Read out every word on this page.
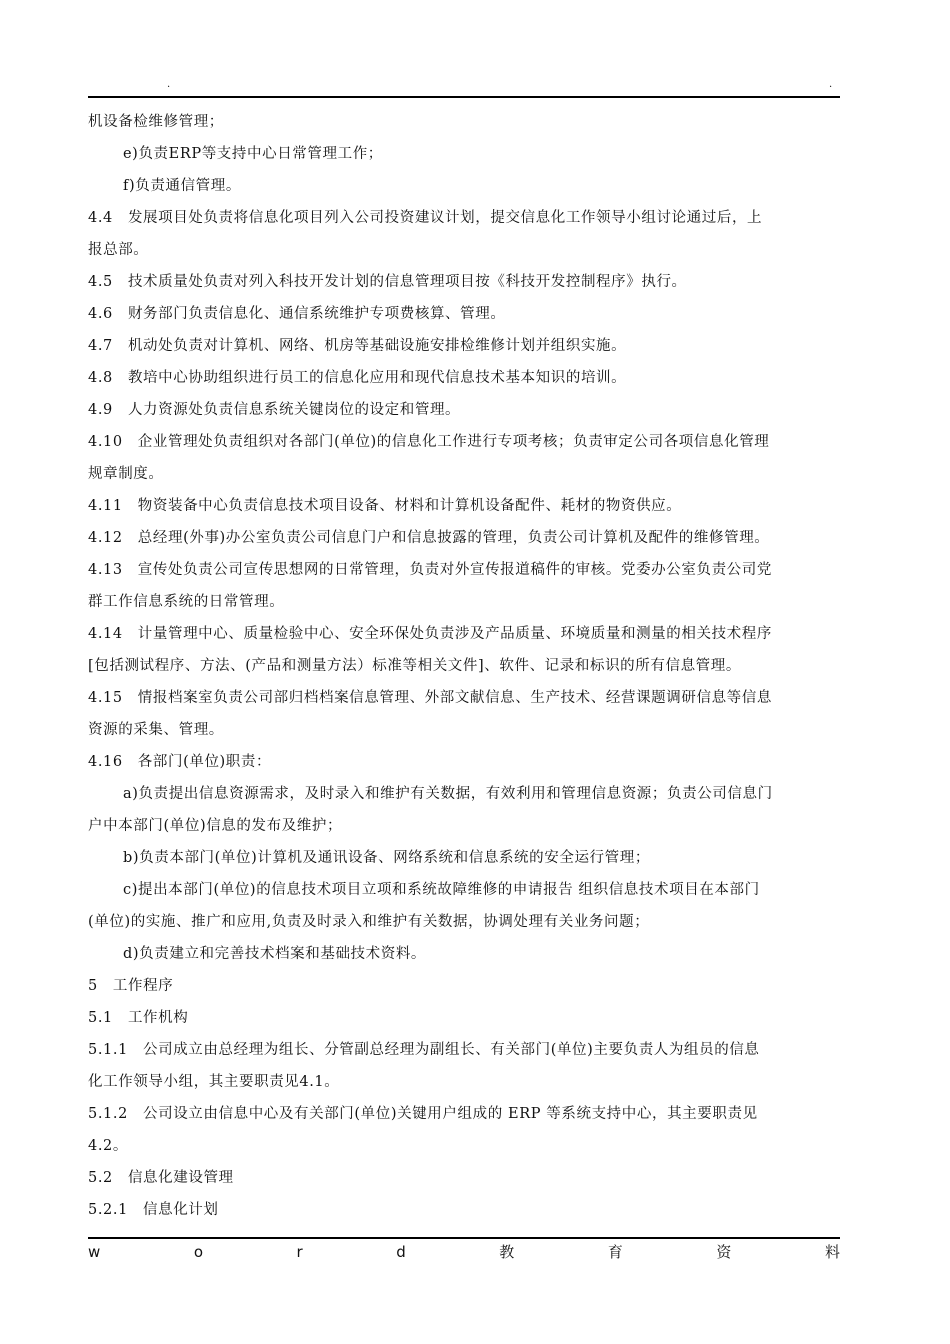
.	.
机设备检维修管理；
e)负责ERP等支持中心日常管理工作；
f)负责通信管理。
4.4　发展项目处负责将信息化项目列入公司投资建议计划，提交信息化工作领导小组讨论通过后，上
报总部。
4.5　技术质量处负责对列入科技开发计划的信息管理项目按《科技开发控制程序》执行。
4.6　财务部门负责信息化、通信系统维护专项费核算、管理。
4.7　机动处负责对计算机、网络、机房等基础设施安排检维修计划并组织实施。
4.8　教培中心协助组织进行员工的信息化应用和现代信息技术基本知识的培训。
4.9　人力资源处负责信息系统关键岗位的设定和管理。
4.10　企业管理处负责组织对各部门(单位)的信息化工作进行专项考核；负责审定公司各项信息化管理
规章制度。
4.11　物资装备中心负责信息技术项目设备、材料和计算机设备配件、耗材的物资供应。
4.12　总经理(外事)办公室负责公司信息门户和信息披露的管理，负责公司计算机及配件的维修管理。
4.13　宣传处负责公司宣传思想网的日常管理，负责对外宣传报道稿件的审核。党委办公室负责公司党
群工作信息系统的日常管理。
4.14　计量管理中心、质量检验中心、安全环保处负责涉及产品质量、环境质量和测量的相关技术程序
[包括测试程序、方法、(产品和测量方法）标准等相关文件]、软件、记录和标识的所有信息管理。
4.15　情报档案室负责公司部归档档案信息管理、外部文献信息、生产技术、经营课题调研信息等信息
资源的采集、管理。
4.16　各部门(单位)职责：
a)负责提出信息资源需求，及时录入和维护有关数据，有效利用和管理信息资源；负责公司信息门
户中本部门(单位)信息的发布及维护；
b)负责本部门(单位)计算机及通讯设备、网络系统和信息系统的安全运行管理；
c)提出本部门(单位)的信息技术项目立项和系统故障维修的申请报告 组织信息技术项目在本部门
(单位)的实施、推广和应用,负责及时录入和维护有关数据，协调处理有关业务问题；
d)负责建立和完善技术档案和基础技术资料。
5　工作程序
5.1　工作机构
5.1.1　公司成立由总经理为组长、分管副总经理为副组长、有关部门(单位)主要负责人为组员的信息
化工作领导小组，其主要职责见4.1。
5.1.2　公司设立由信息中心及有关部门(单位)关键用户组成的 ERP 等系统支持中心，其主要职责见
4.2。
5.2　信息化建设管理
5.2.1　信息化计划
w	o	r	d	教	育	资	料
